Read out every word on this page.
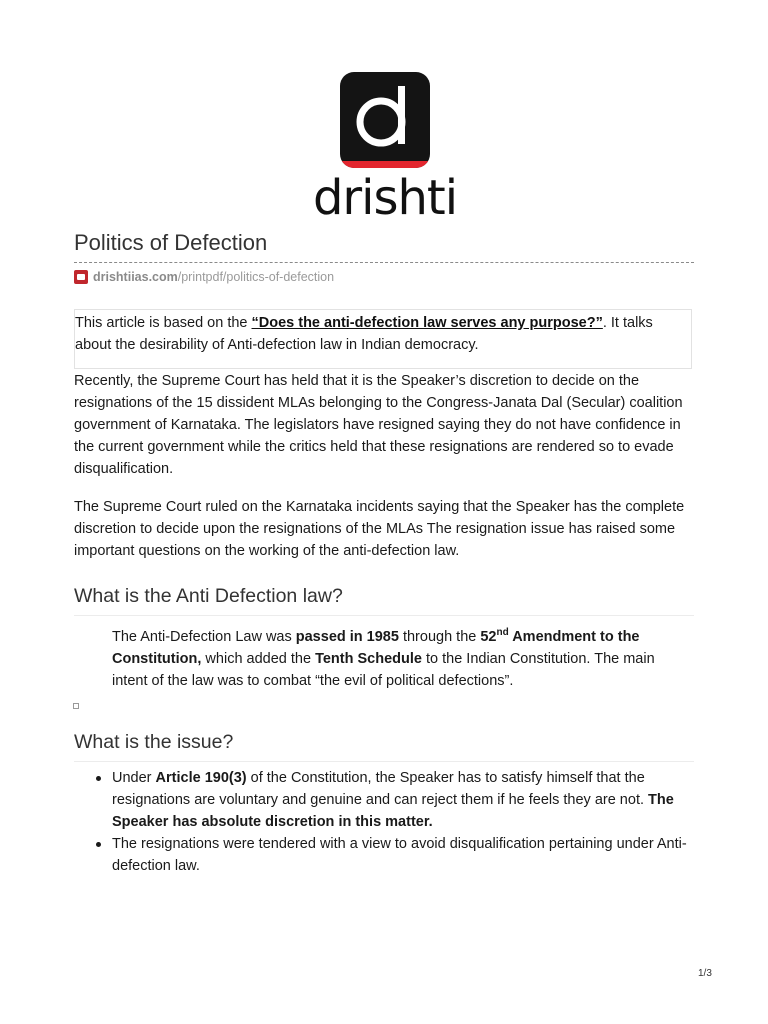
drishti
Politics of Defection
drishtiias.com /printpdf/politics-of-defection
This article is based on the “Does the anti-defection law serves any purpose?”. It talks about the desirability of Anti-defection law in Indian democracy.

Recently, the Supreme Court has held that it is the Speaker’s discretion to decide on the resignations of the 15 dissident MLAs belonging to the Congress-Janata Dal (Secular) coalition government of Karnataka. The legislators have resigned saying they do not have confidence in the current government while the critics held that these resignations are rendered so to evade disqualification.

The Supreme Court ruled on the Karnataka incidents saying that the Speaker has the complete discretion to decide upon the resignations of the MLAs The resignation issue has raised some important questions on the working of the anti-defection law.

What is the Anti Defection law?

The Anti-Defection Law was passed in 1985 through the 52nd Amendment to the Constitution, which added the Tenth Schedule to the Indian Constitution. The main intent of the law was to combat “the evil of political defections”.

What is the issue?
Under Article 190(3) of the Constitution, the Speaker has to satisfy himself that the resignations are voluntary and genuine and can reject them if he feels they are not. The Speaker has absolute discretion in this matter.
The resignations were tendered with a view to avoid disqualification pertaining under Anti-defection law.
1/3
